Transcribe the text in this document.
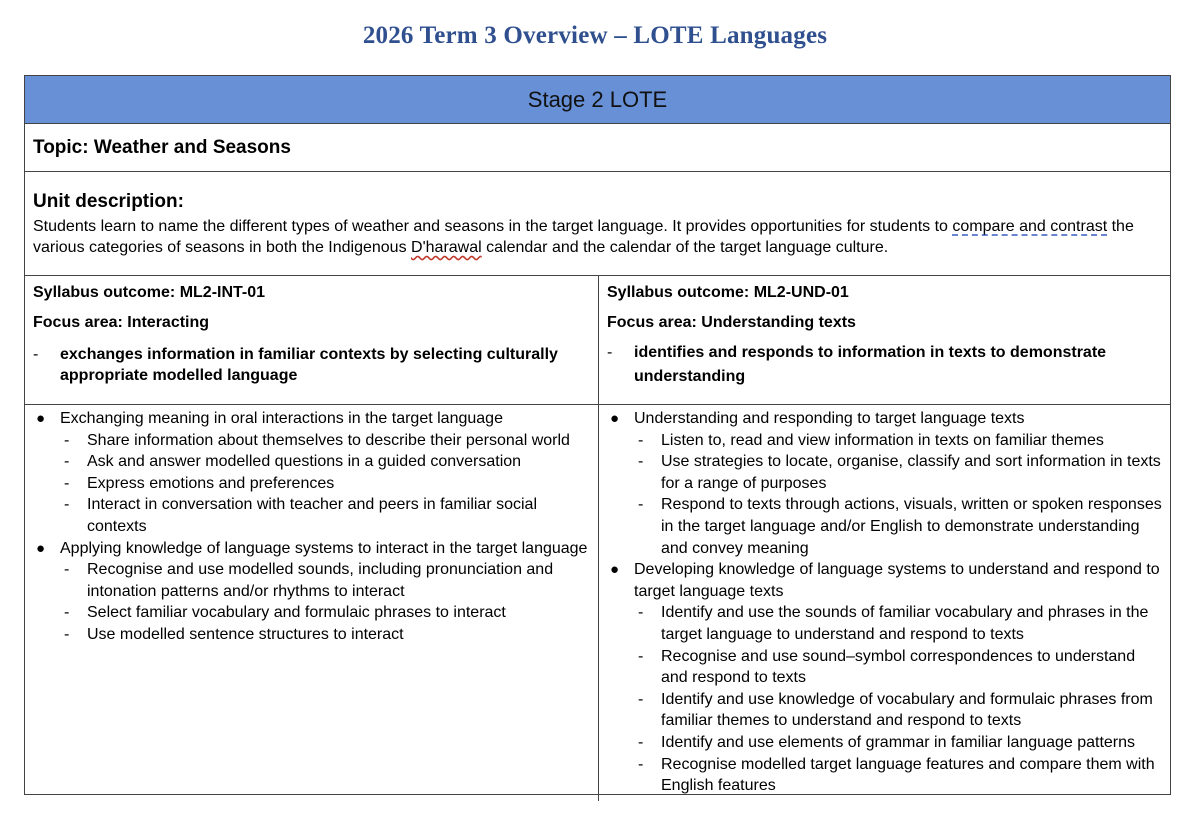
2026 Term 3 Overview – LOTE Languages
Stage 2 LOTE
Topic: Weather and Seasons
Unit description:
Students learn to name the different types of weather and seasons in the target language. It provides opportunities for students to compare and contrast the various categories of seasons in both the Indigenous D'harawal calendar and the calendar of the target language culture.
Syllabus outcome: ML2-INT-01
Focus area: Interacting
- exchanges information in familiar contexts by selecting culturally appropriate modelled language
● Exchanging meaning in oral interactions in the target language
- Share information about themselves to describe their personal world
- Ask and answer modelled questions in a guided conversation
- Express emotions and preferences
- Interact in conversation with teacher and peers in familiar social contexts
● Applying knowledge of language systems to interact in the target language
- Recognise and use modelled sounds, including pronunciation and intonation patterns and/or rhythms to interact
- Select familiar vocabulary and formulaic phrases to interact
- Use modelled sentence structures to interact
Syllabus outcome: ML2-UND-01
Focus area: Understanding texts
- identifies and responds to information in texts to demonstrate understanding
● Understanding and responding to target language texts
- Listen to, read and view information in texts on familiar themes
- Use strategies to locate, organise, classify and sort information in texts for a range of purposes
- Respond to texts through actions, visuals, written or spoken responses in the target language and/or English to demonstrate understanding and convey meaning
● Developing knowledge of language systems to understand and respond to target language texts
- Identify and use the sounds of familiar vocabulary and phrases in the target language to understand and respond to texts
- Recognise and use sound–symbol correspondences to understand and respond to texts
- Identify and use knowledge of vocabulary and formulaic phrases from familiar themes to understand and respond to texts
- Identify and use elements of grammar in familiar language patterns
- Recognise modelled target language features and compare them with English features
